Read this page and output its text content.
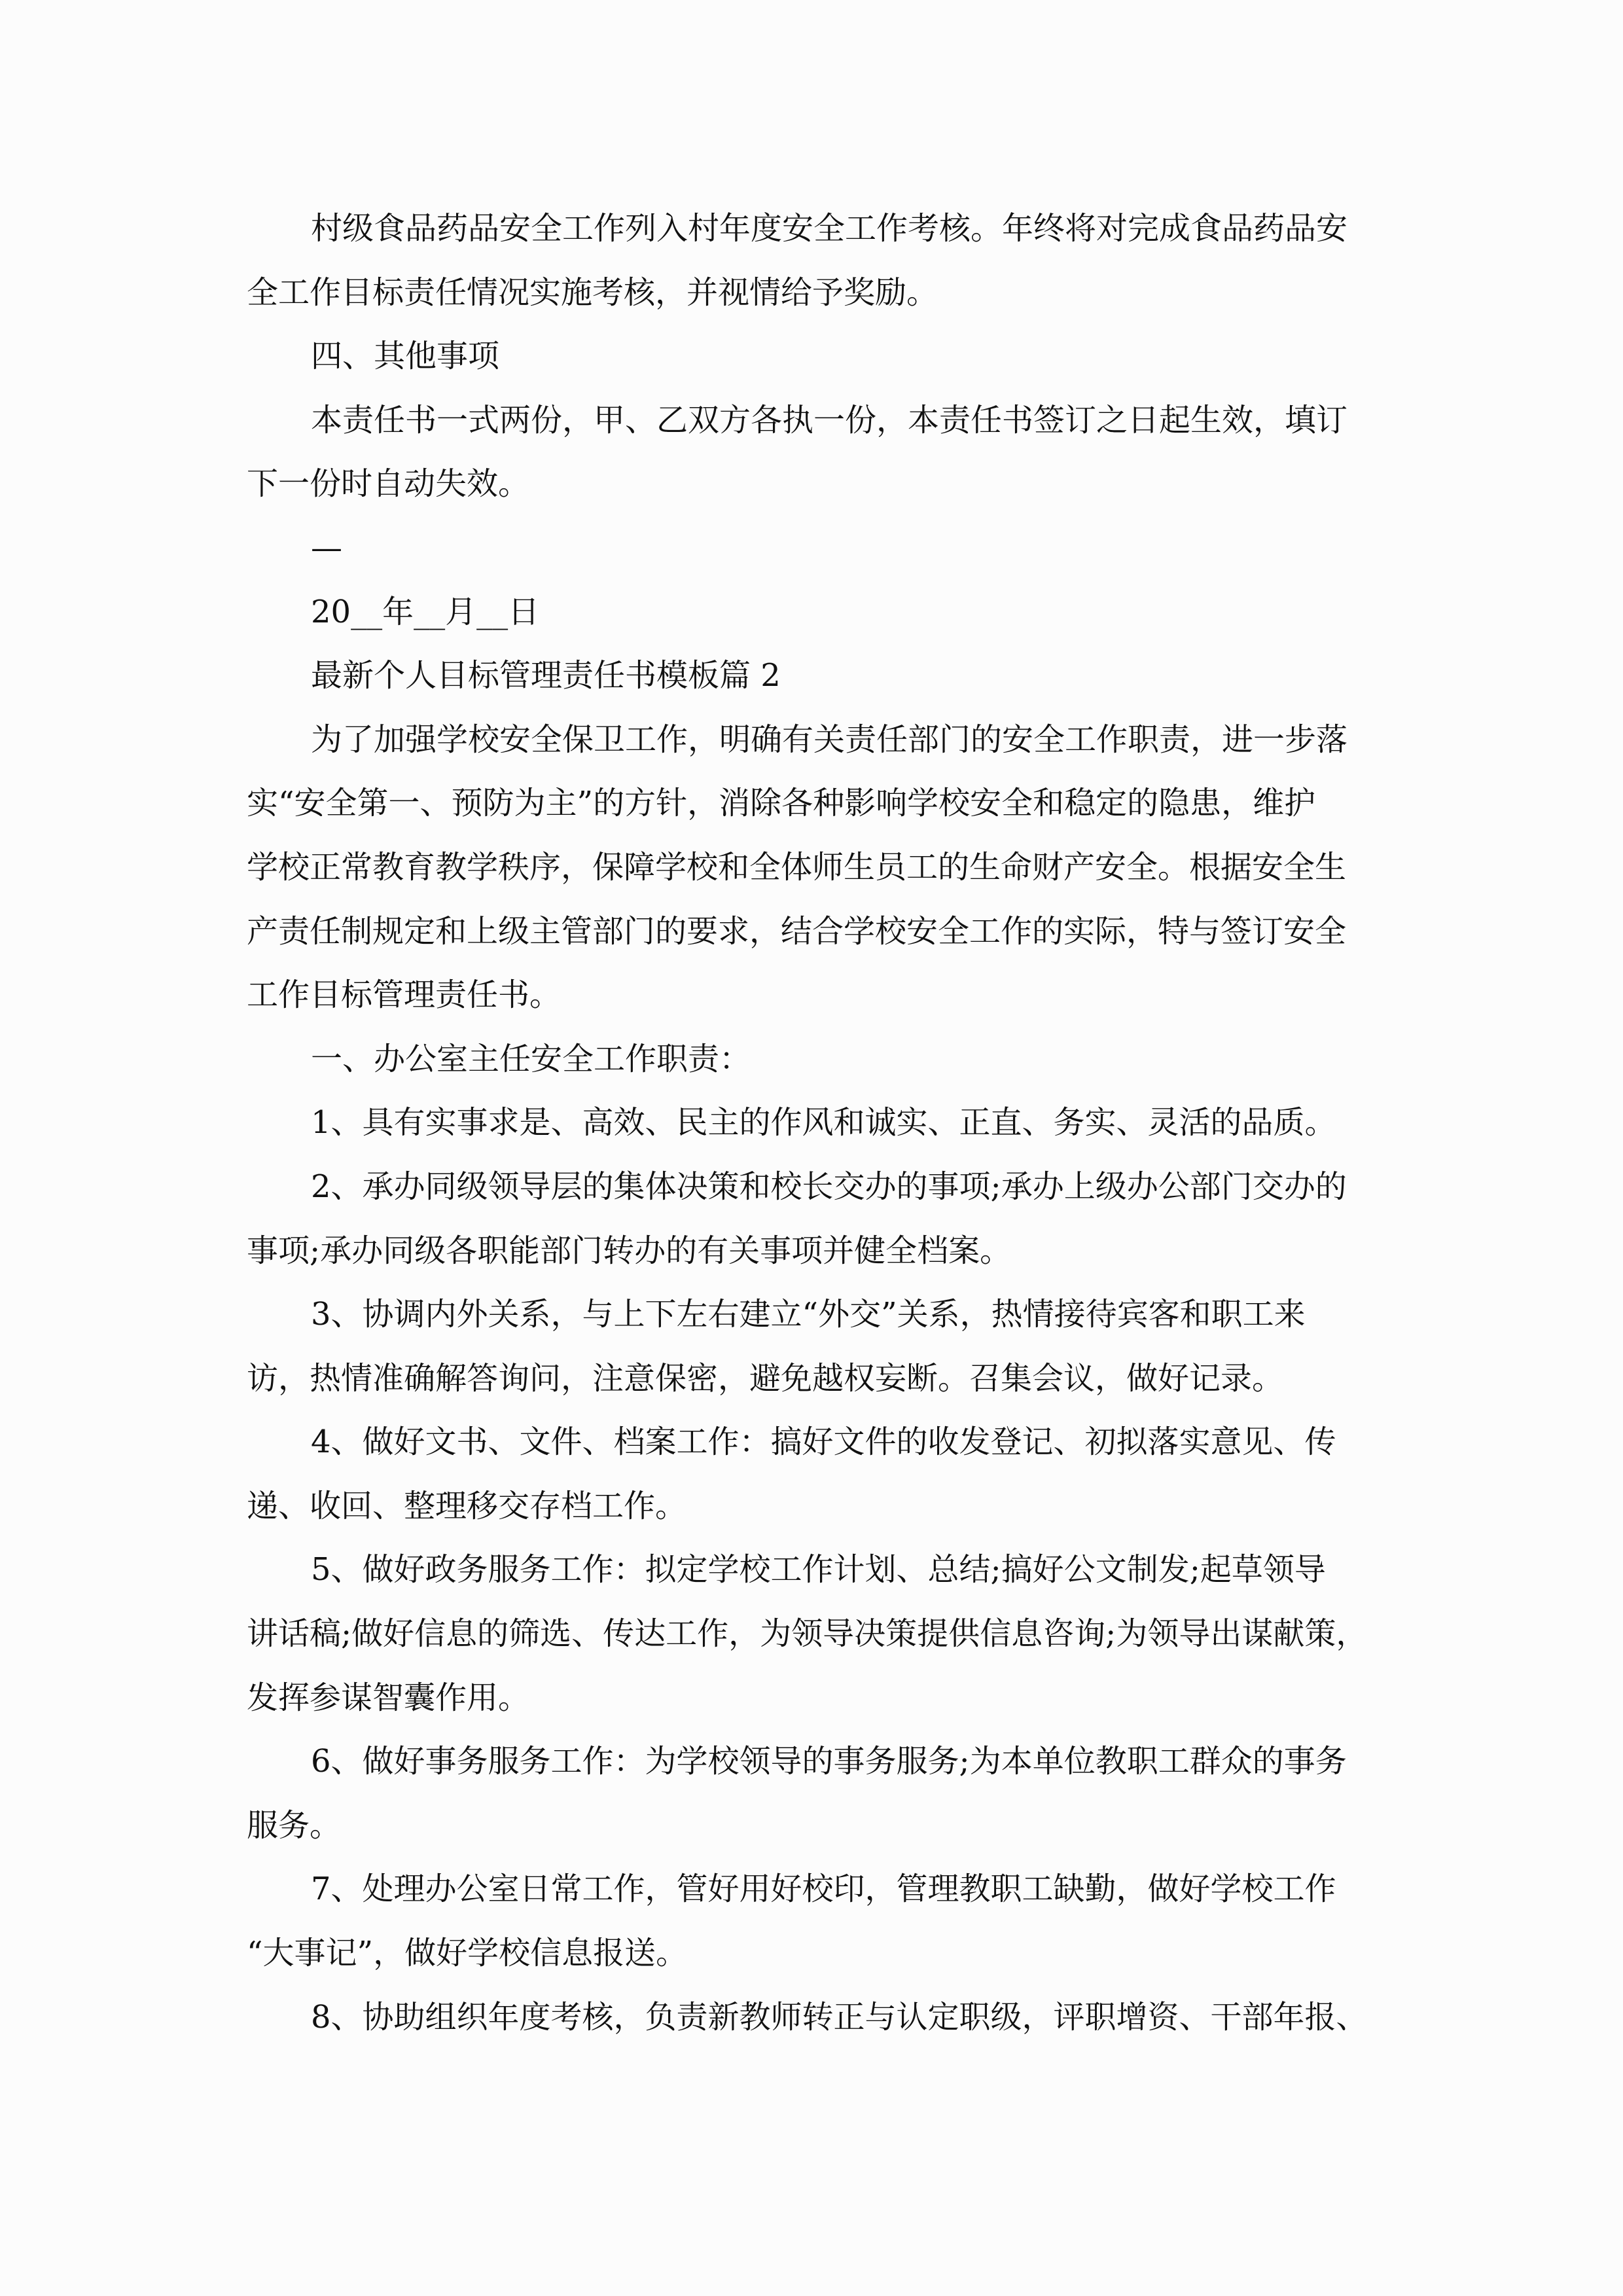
村级食品药品安全工作列入村年度安全工作考核。年终将对完成食品药品安
全工作目标责任情况实施考核，并视情给予奖励。
四、其他事项
本责任书一式两份，甲、乙双方各执一份，本责任书签订之日起生效，填订
下一份时自动失效。
—
20__年__月__日
最新个人目标管理责任书模板篇 2
为了加强学校安全保卫工作，明确有关责任部门的安全工作职责，进一步落
实“安全第一、预防为主”的方针，消除各种影响学校安全和稳定的隐患，维护
学校正常教育教学秩序，保障学校和全体师生员工的生命财产安全。根据安全生
产责任制规定和上级主管部门的要求，结合学校安全工作的实际，特与签订安全
工作目标管理责任书。
一、办公室主任安全工作职责：
1、具有实事求是、高效、民主的作风和诚实、正直、务实、灵活的品质。
2、承办同级领导层的集体决策和校长交办的事项;承办上级办公部门交办的
事项;承办同级各职能部门转办的有关事项并健全档案。
3、协调内外关系，与上下左右建立“外交”关系，热情接待宾客和职工来
访，热情准确解答询问，注意保密，避免越权妄断。召集会议，做好记录。
4、做好文书、文件、档案工作：搞好文件的收发登记、初拟落实意见、传
递、收回、整理移交存档工作。
5、做好政务服务工作：拟定学校工作计划、总结;搞好公文制发;起草领导
讲话稿;做好信息的筛选、传达工作，为领导决策提供信息咨询;为领导出谋献策，
发挥参谋智囊作用。
6、做好事务服务工作：为学校领导的事务服务;为本单位教职工群众的事务
服务。
7、处理办公室日常工作，管好用好校印，管理教职工缺勤，做好学校工作
“大事记”，做好学校信息报送。
8、协助组织年度考核，负责新教师转正与认定职级，评职增资、干部年报、
